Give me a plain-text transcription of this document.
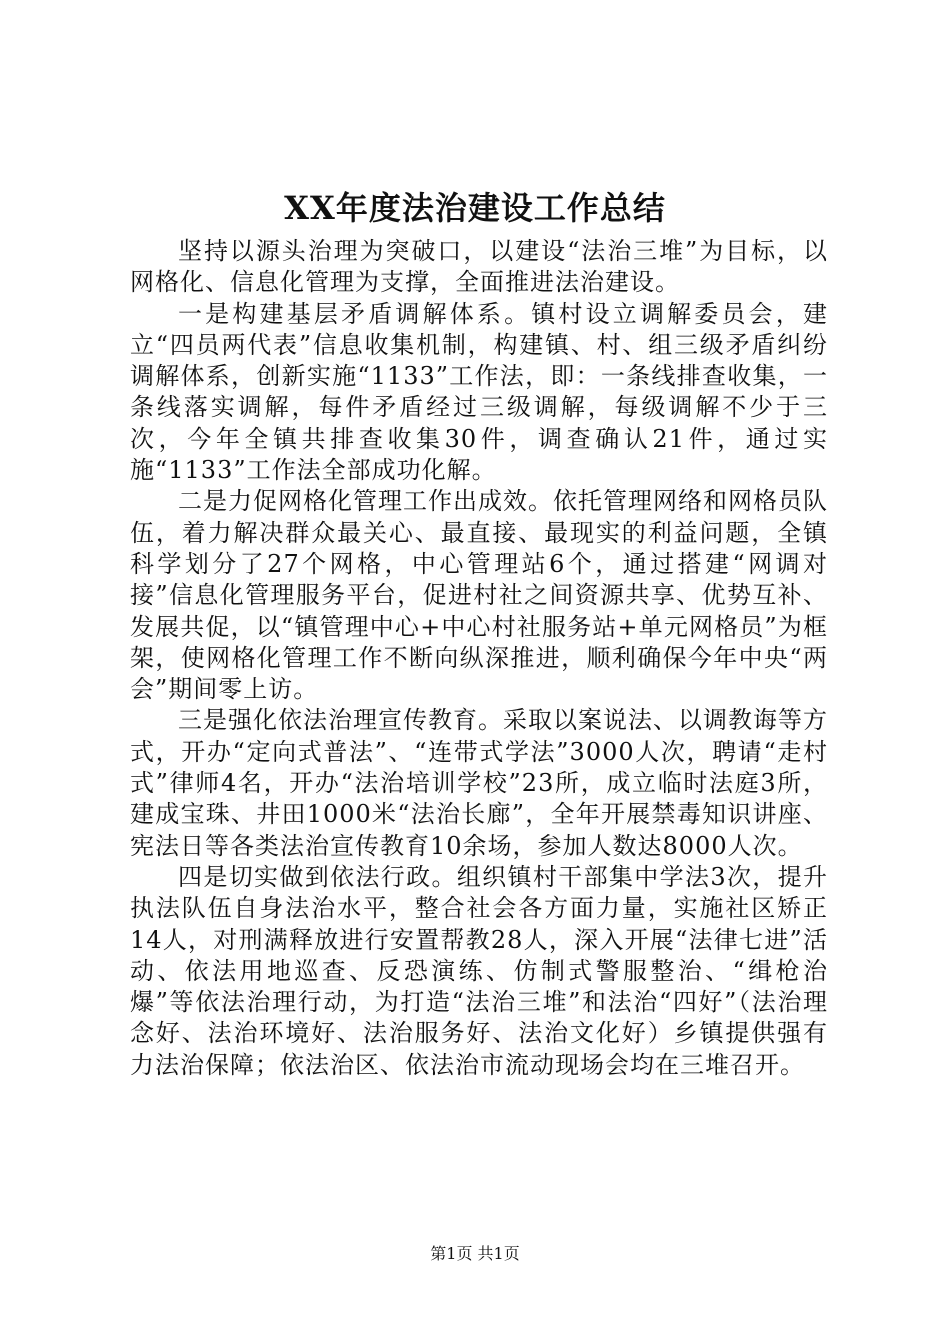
XX年度法治建设工作总结

坚持以源头治理为突破口，以建设“法治三堆”为目标，以网格化、信息化管理为支撑，全面推进法治建设。

一是构建基层矛盾调解体系。镇村设立调解委员会，建立“四员两代表”信息收集机制，构建镇、村、组三级矛盾纠纷调解体系，创新实施“1133”工作法，即：一条线排查收集，一条线落实调解，每件矛盾经过三级调解，每级调解不少于三次，今年全镇共排查收集30件，调查确认21件，通过实施“1133”工作法全部成功化解。

二是力促网格化管理工作出成效。依托管理网络和网格员队伍，着力解决群众最关心、最直接、最现实的利益问题，全镇科学划分了27个网格，中心管理站6个，通过搭建“网调对接”信息化管理服务平台，促进村社之间资源共享、优势互补、发展共促，以“镇管理中心+中心村社服务站+单元网格员”为框架，使网格化管理工作不断向纵深推进，顺利确保今年中央“两会”期间零上访。

三是强化依法治理宣传教育。采取以案说法、以调教诲等方式，开办“定向式普法”、“连带式学法”3000人次，聘请“走村式”律师4名，开办“法治培训学校”23所，成立临时法庭3所，建成宝珠、井田1000米“法治长廊”，全年开展禁毒知识讲座、宪法日等各类法治宣传教育10余场，参加人数达8000人次。

四是切实做到依法行政。组织镇村干部集中学法3次，提升执法队伍自身法治水平，整合社会各方面力量，实施社区矫正14人，对刑满释放进行安置帮教28人，深入开展“法律七进”活动、依法用地巡查、反恐演练、仿制式警服整治、“缉枪治爆”等依法治理行动，为打造“法治三堆”和法治“四好”（法治理念好、法治环境好、法治服务好、法治文化好）乡镇提供强有力法治保障；依法治区、依法治市流动现场会均在三堆召开。

第1页 共1页
